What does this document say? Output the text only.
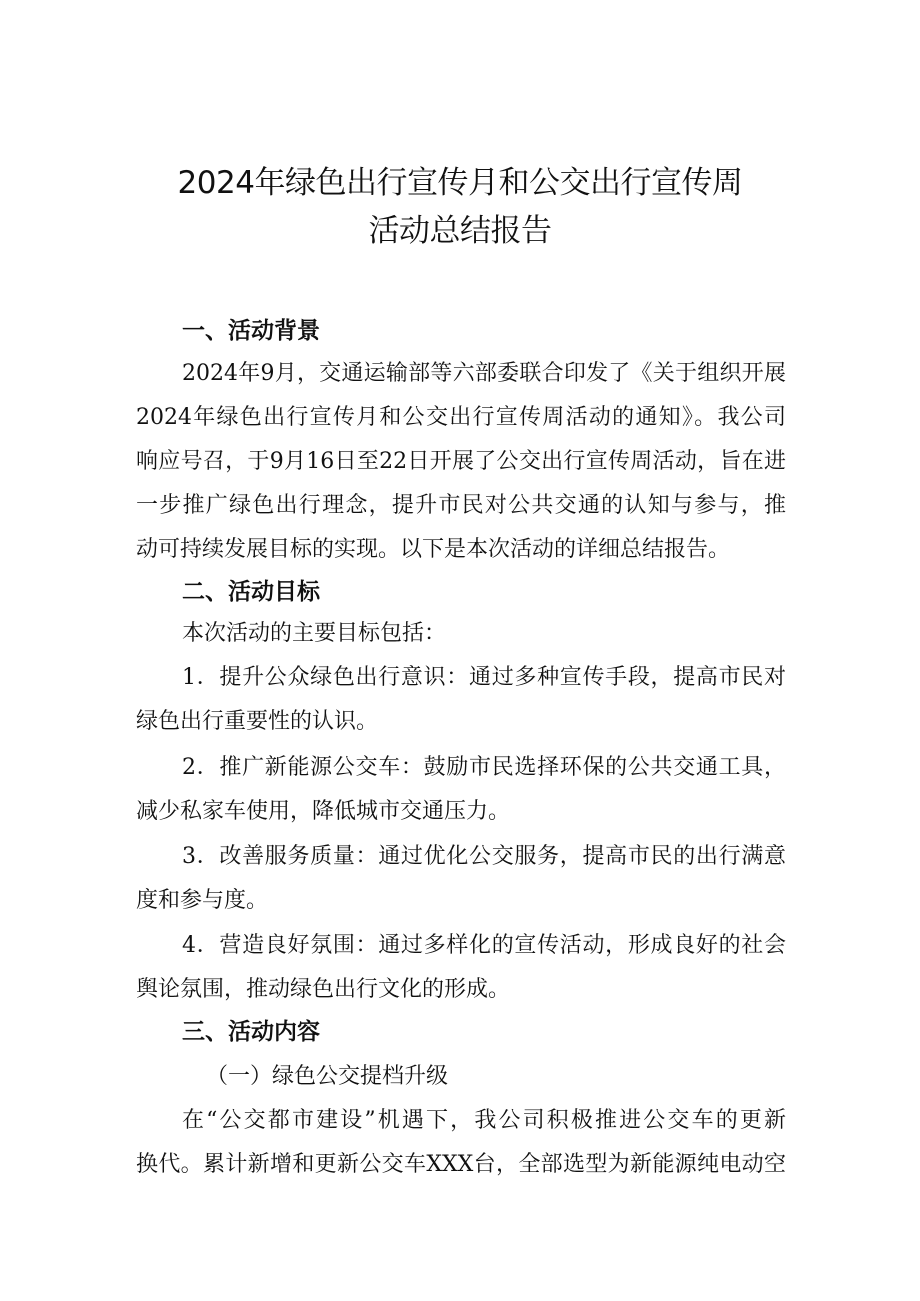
2024年绿色出行宣传月和公交出行宣传周
活动总结报告
一、活动背景

2024年9月，交通运输部等六部委联合印发了《关于组织开展

2024年绿色出行宣传月和公交出行宣传周活动的通知》。我公司

响应号召，于9月16日至22日开展了公交出行宣传周活动，旨在进

一步推广绿色出行理念，提升市民对公共交通的认知与参与，推

动可持续发展目标的实现。以下是本次活动的详细总结报告。

二、活动目标

本次活动的主要目标包括：

1．提升公众绿色出行意识：通过多种宣传手段，提高市民对

绿色出行重要性的认识。

2．推广新能源公交车：鼓励市民选择环保的公共交通工具，

减少私家车使用，降低城市交通压力。

3．改善服务质量：通过优化公交服务，提高市民的出行满意

度和参与度。

4．营造良好氛围：通过多样化的宣传活动，形成良好的社会

舆论氛围，推动绿色出行文化的形成。

三、活动内容

（一）绿色公交提档升级

在“公交都市建设”机遇下，我公司积极推进公交车的更新

换代。累计新增和更新公交车XXX台，全部选型为新能源纯电动空
